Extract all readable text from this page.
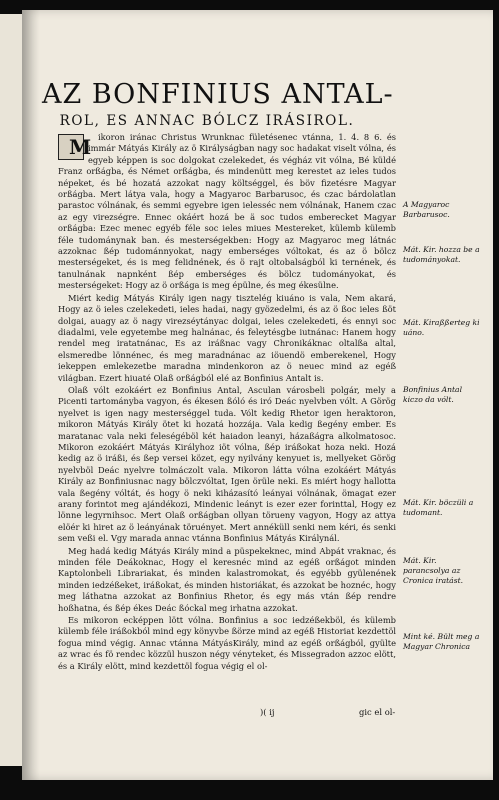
AZ BONFINIUS ANTAL-
ROL, ES ANNAC BÓLCZ IRÁSIROL.

M ikoron iránac Christus Wrunknac fületésenec vtánna, 1. 4. 8 6. és immár Mátyás Király az ö Királyságban nagy soc hadakat viselt vólna, és egyeb képpen is soc dolgokat czelekedet, és végház vit vólna, Bé küldé Franz orßágba, és Német orßágba, és mindenütt meg kerestet az ieles tudos népeket, és bé hozatá azzokat nagy költséggel, és böv fizetésre Magyar orßágba. Mert látya vala, hogy a Magyaroc Barbarusoc, és czac bárdolatlan parastoc vólnának, és semmi egyebre igen ielesséc nem vólnának, Hanem czac az egy virezségre. Ennec okáért hozá be ä soc tudos emberecket Magyar orßágba: Ezec menec egyéb féle soc ieles miues Mestereket, külemb külemb féle tudománynak ban. és mesterségekben: Hogy az Magyaroc meg látnác azzoknac ßép tudománnyokat, nagy emberséges vóltokat, és az ö bölcz mesterségeket, és is meg felidnének, és ö rajt oltobalságból ki ternének, és tanulnának napnként ßép emberséges és bölcz tudományokat, és mesterségeket: Hogy az ö orßága is meg épülne, és meg ékesülne.

Miért kedig Mátyás Király igen nagy tisztelég kiuáno is vala, Nem akará, Hogy az ö ieles czelekedeti, ieles hadai, nagy gyözedelmi, és az ö ßoc ieles ßöt dolgai, auagy az ö nagy virezséytányac dolgai, ieles czelekedeti, és ennyi soc diadalmi, vele egyetembe meg halnánac, és feleytésgbe iutnánac: Hanem hogy rendel meg iratatnánac, Es az iráßnac vagy Chronikáknac oltalßa altal, elsmeredbe lönnénec, és meg maradnánac az iöuendö emberekenel, Hogy iekeppen emlekezetbe maradna mindenkoron az ö neuec mind az egéß világban. Ezert hiuaté Olaß orßágból elé az Bonfinius Antalt is.

Olaß vólt ezokáért ez Bonfinius Antal, Asculan városbeli polgár, mely a Picenti tartományba vagyon, és ékesen ßóló és iró Deác nyelvben vólt. A Görög nyelvet is igen nagy mesterséggel tuda. Vólt kedig Rhetor igen heraktoron, mikoron Mátyás Király ötet ki hozatá hozzája. Vala kedig ßegény ember. Es maratanac vala neki feleségéböl két haiadon leanyi, házaßágra alkolmatosoc. Mikoron ezokáért Mátyás Királyhoz iöt vólna, ßép iráßokat hoza neki. Hozá kedig az ö iráßi, és ßep versei közet, egy nyilvány kenyuet is, mellyeket Görög nyelvböl Deác nyelvre tolmáczolt vala. Mikoron látta vólna ezokáért Mátyás Király az Bonfiniusnac nagy bölczvóltat, Igen örüle neki. Es miért hogy hallotta vala ßegény vóltát, és hogy ö neki kiházasító leányai vólnának, ömagat ezer arany forintot meg ajándékozi, Mindenic leányt is ezer ezer forinttal, Hogy ez lönne legyrnihsoc. Mert Olaß orßágban ollyan törueny vagyon, Hogy az attya elöér ki hiret az ö leányának töruényet. Mert annéküll senki nem kéri, és senki sem veßi el. Vgy marada annac vtánna Bonfinius Mátyás Királynál.

Meg hadá kedig Mátyás Király mind a püspekeknec, mind Abpát vraknac, és minden féle Deákoknac, Hogy el keresnéc mind az egéß orßágot minden Kaptolonbeli Librariakat, és minden kalastromokat, és egyébb gyülenének minden iedzéßeket, iráßokat, és minden historiákat, és azzokat be hoznéc, hogy meg láthatna azzokat az Bonfinius Rhetor, és egy más vtán ßép rendre hoßhatna, és ßép ékes Deác ßóckal meg irhatna azzokat.

Es mikoron ecképpen lött vólna. Bonfinius a soc iedzéßekböl, és külemb külemb féle iráßokból mind egy könyvbe ßörze mind az egéß Historiat kezdettöl fogua mind végig. Annac vtánna MátyásKirály, mind az egéß orßágból, gyülte az wrac és fö rendec közzül huszon négy vényteket, és Missegradon azzoc elött, és a Király elött, mind kezdettöl fogua végig el ol-

A Magyaroc Barbarusoc.
Mát. Kir. hozza be a tudományokat.
Mát. Kiraßßerteg ki uáno.
Bonfinius Antal kiczo da vólt.
Mát. Kir. böczüli a tudomant.
Mát. Kir. parancsolya az Cronica iratást.
Mint ké. Bült meg a Magyar Chronica
)( ij	gic el ol-
